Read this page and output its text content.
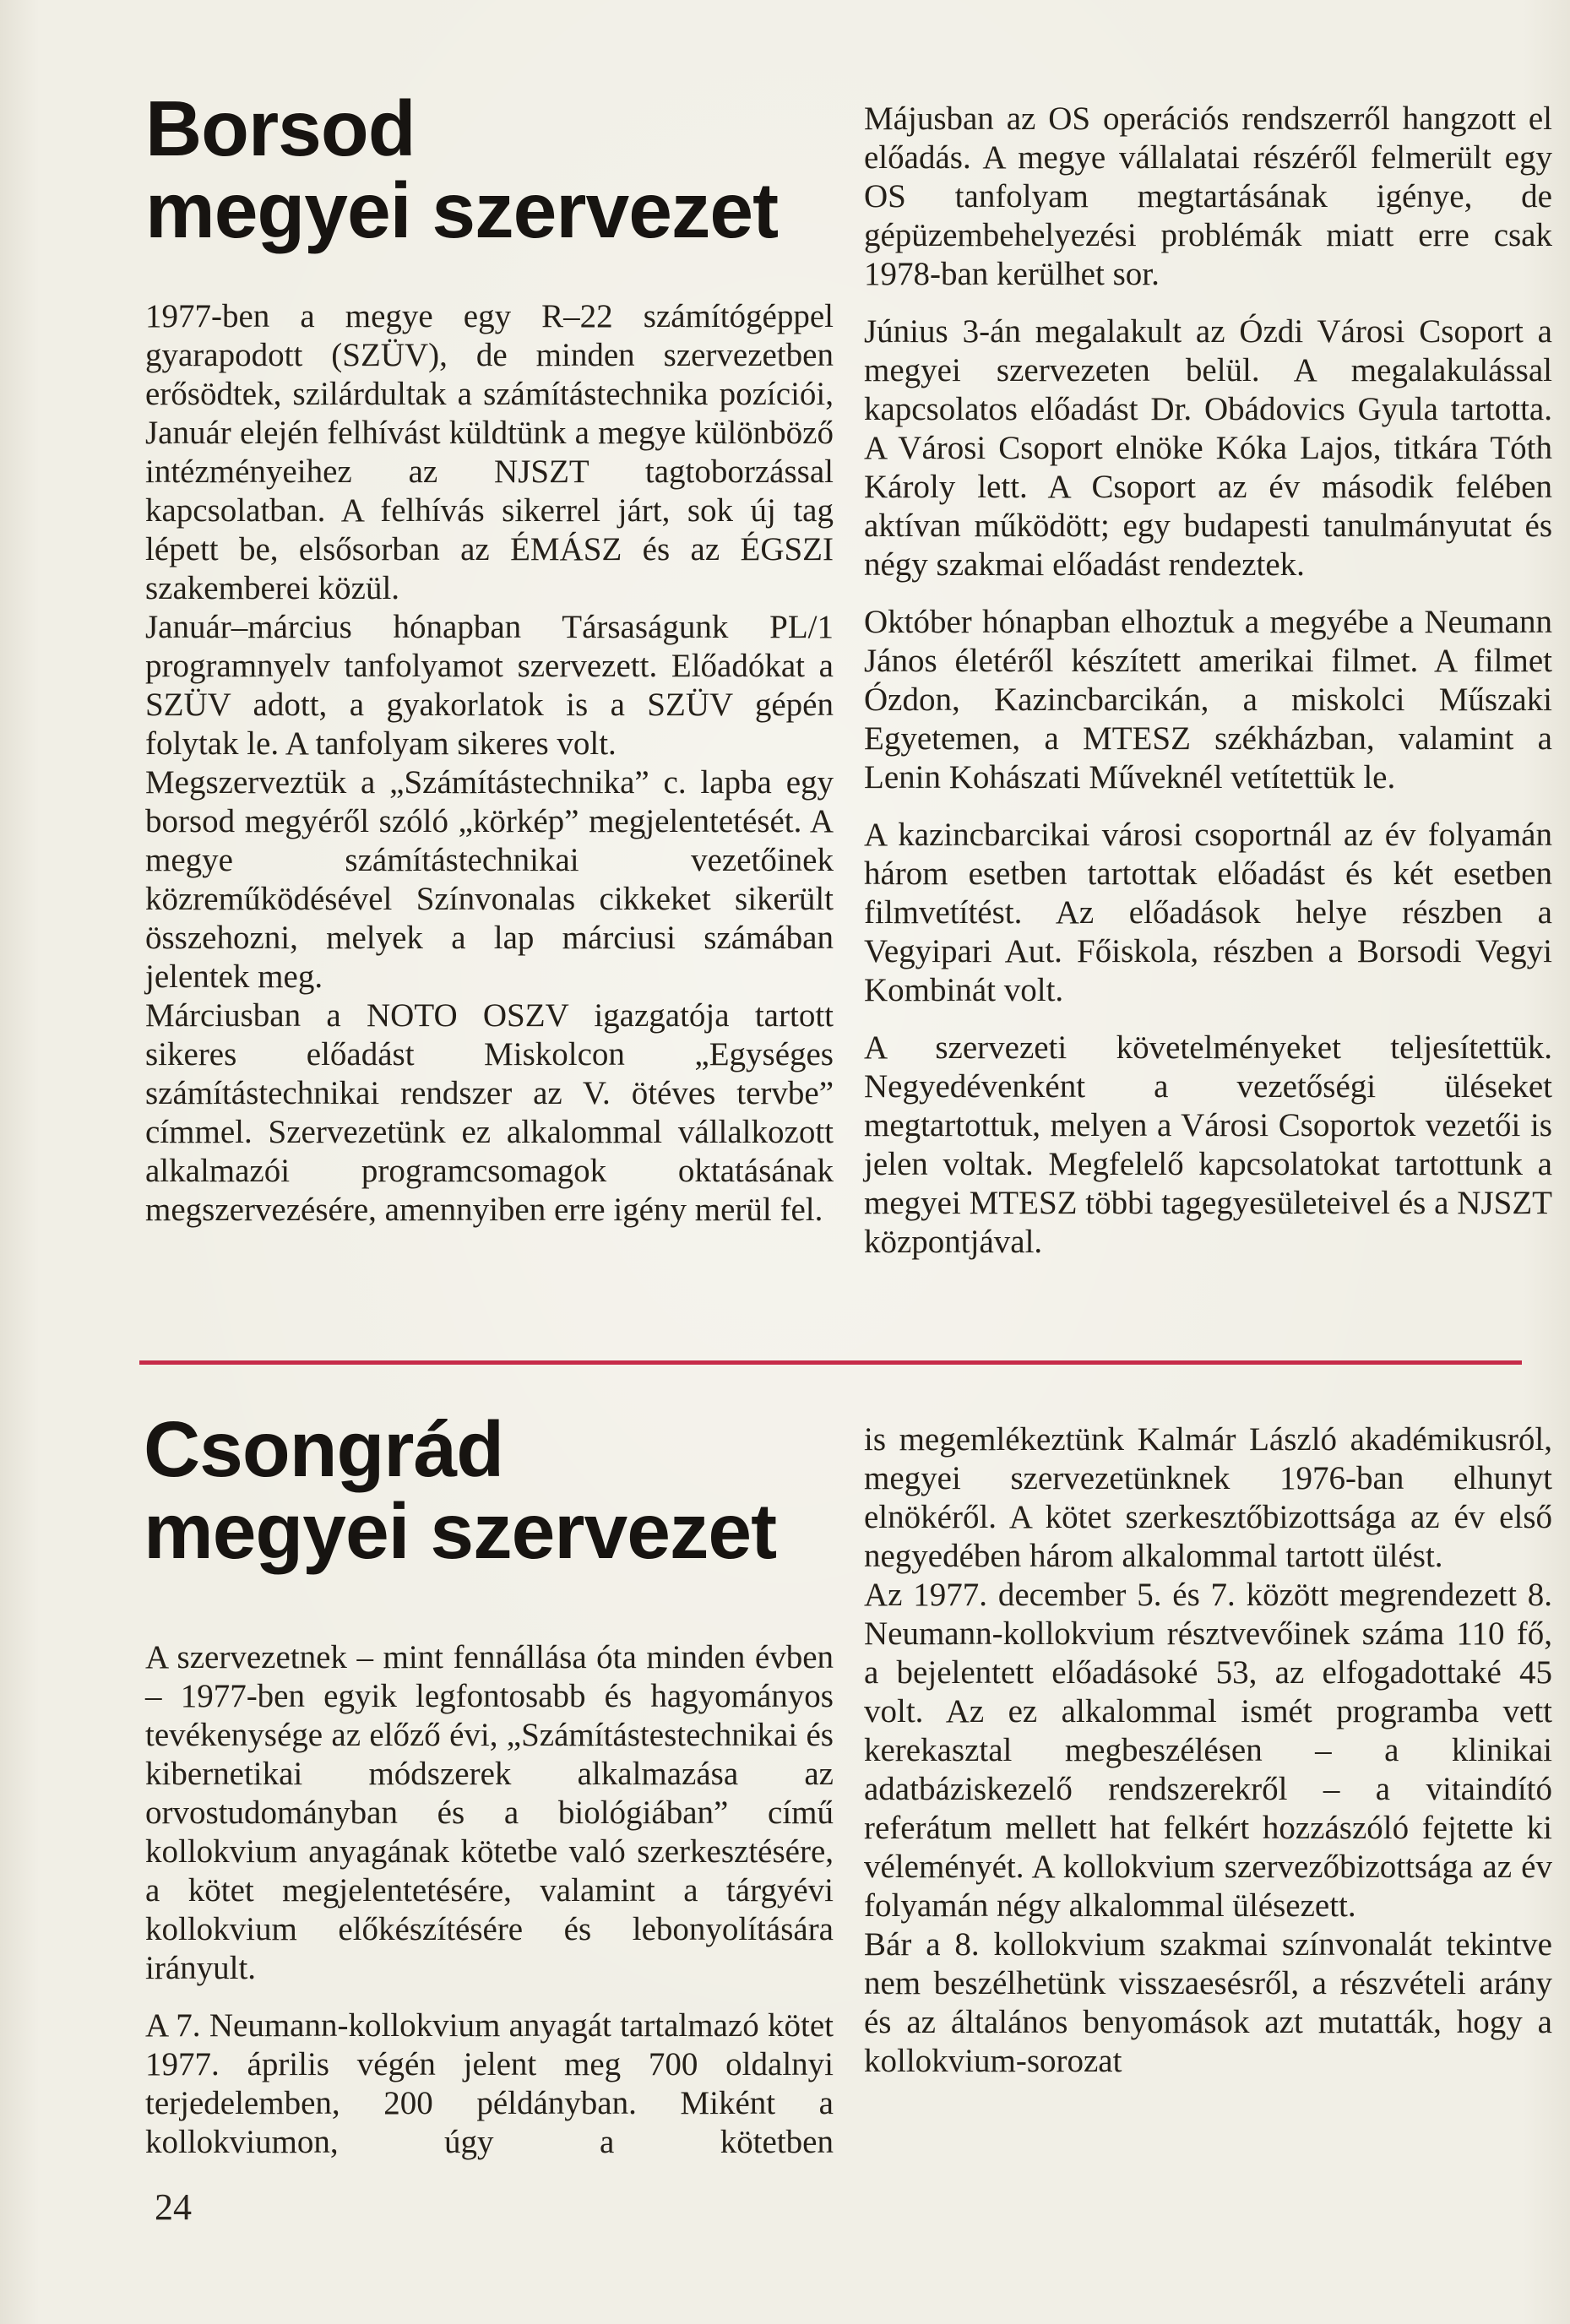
Borsod
megyei szervezet

1977-ben a megye egy R–22 számítógéppel gyarapodott (SZÜV), de minden szervezetben erősödtek, szilárdultak a számítástechnika pozíciói, Január elején felhívást küldtünk a megye különböző intézményeihez az NJSZT tagtoborzással kapcsolatban. A felhívás sikerrel járt, sok új tag lépett be, elsősorban az ÉMÁSZ és az ÉGSZI szakemberei közül.

Január–március hónapban Társaságunk PL/1 programnyelv tanfolyamot szervezett. Előadókat a SZÜV adott, a gyakorlatok is a SZÜV gépén folytak le. A tanfolyam sikeres volt.

Megszerveztük a „Számítástechnika” c. lapba egy borsod megyéről szóló „körkép” megjelentetését. A megye számítástechnikai vezetőinek közreműködésével Színvonalas cikkeket sikerült összehozni, melyek a lap márciusi számában jelentek meg.

Márciusban a NOTO OSZV igazgatója tartott sikeres előadást Miskolcon „Egységes számítástechnikai rendszer az V. ötéves tervbe” címmel. Szervezetünk ez alkalommal vállalkozott alkalmazói programcsomagok oktatásának megszervezésére, amennyiben erre igény merül fel.

Májusban az OS operációs rendszerről hangzott el előadás. A megye vállalatai részéről felmerült egy OS tanfolyam megtartásának igénye, de gépüzembehelyezési problémák miatt erre csak 1978-ban kerülhet sor.

Június 3-án megalakult az Ózdi Városi Csoport a megyei szervezeten belül. A megalakulással kapcsolatos előadást Dr. Obádovics Gyula tartotta. A Városi Csoport elnöke Kóka Lajos, titkára Tóth Károly lett. A Csoport az év második felében aktívan működött; egy budapesti tanulmányutat és négy szakmai előadást rendeztek.

Október hónapban elhoztuk a megyébe a Neumann János életéről készített amerikai filmet. A filmet Ózdon, Kazincbarcikán, a miskolci Műszaki Egyetemen, a MTESZ székházban, valamint a Lenin Kohászati Műveknél vetítettük le.

A kazincbarcikai városi csoportnál az év folyamán három esetben tartottak előadást és két esetben filmvetítést. Az előadások helye részben a Vegyipari Aut. Főiskola, részben a Borsodi Vegyi Kombinát volt.

A szervezeti követelményeket teljesítettük. Negyedévenként a vezetőségi üléseket megtartottuk, melyen a Városi Csoportok vezetői is jelen voltak. Megfelelő kapcsolatokat tartottunk a megyei MTESZ többi tagegyesületeivel és a NJSZT központjával.

Csongrád
megyei szervezet

A szervezetnek – mint fennállása óta minden évben – 1977-ben egyik legfontosabb és hagyományos tevékenysége az előző évi, „Számítástestechnikai és kibernetikai módszerek alkalmazása az orvostudományban és a biológiában” című kollokvium anyagának kötetbe való szerkesztésére, a kötet megjelentetésére, valamint a tárgyévi kollokvium előkészítésére és lebonyolítására irányult.

A 7. Neumann-kollokvium anyagát tartalmazó kötet 1977. április végén jelent meg 700 oldalnyi terjedelemben, 200 példányban. Miként a kollokviumon, úgy a kötetben

is megemlékeztünk Kalmár László akadémikusról, megyei szervezetünknek 1976-ban elhunyt elnökéről. A kötet szerkesztőbizottsága az év első negyedében három alkalommal tartott ülést.

Az 1977. december 5. és 7. között megrendezett 8. Neumann-kollokvium résztvevőinek száma 110 fő, a bejelentett előadásoké 53, az elfogadottaké 45 volt. Az ez alkalommal ismét programba vett kerekasztal megbeszélésen – a klinikai adatbáziskezelő rendszerekről – a vitaindító referátum mellett hat felkért hozzászóló fejtette ki véleményét. A kollokvium szervezőbizottsága az év folyamán négy alkalommal ülésezett.

Bár a 8. kollokvium szakmai színvonalát tekintve nem beszélhetünk visszaesésről, a részvételi arány és az általános benyomások azt mutatták, hogy a kollokvium-sorozat

24
